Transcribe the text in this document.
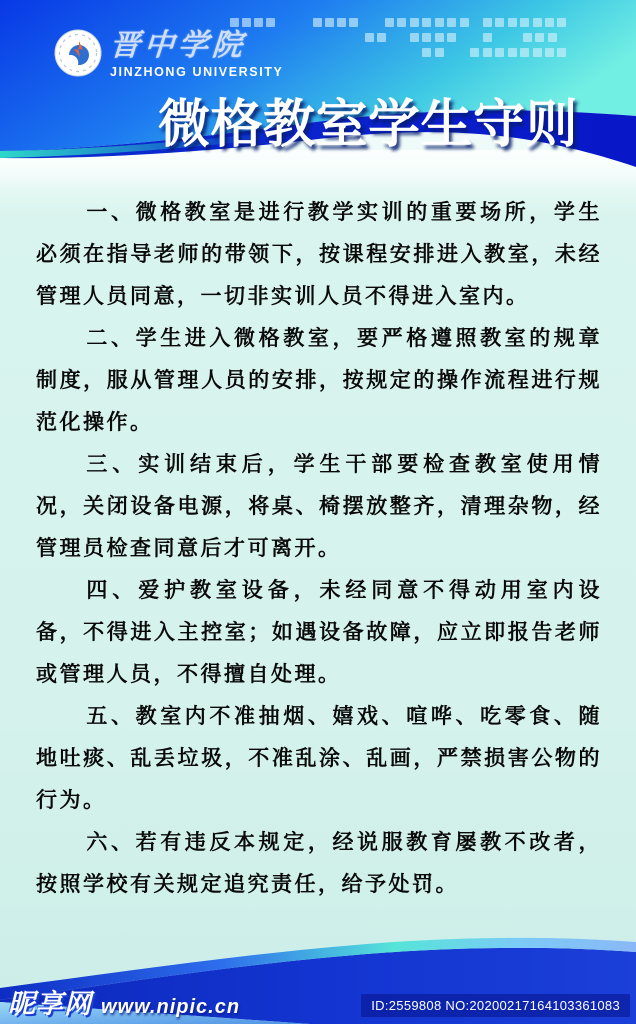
晋中学院
JINZHONG UNIVERSITY
微格教室学生守则

一、微格教室是进行教学实训的重要场所，学生必须在指导老师的带领下，按课程安排进入教室，未经管理人员同意，一切非实训人员不得进入室内。

二、学生进入微格教室，要严格遵照教室的规章制度，服从管理人员的安排，按规定的操作流程进行规范化操作。

三、实训结束后，学生干部要检查教室使用情况，关闭设备电源，将桌、椅摆放整齐，清理杂物，经管理员检查同意后才可离开。

四、爱护教室设备，未经同意不得动用室内设备，不得进入主控室；如遇设备故障，应立即报告老师或管理人员，不得擅自处理。

五、教室内不准抽烟、嬉戏、喧哗、吃零食、随地吐痰、乱丢垃圾，不准乱涂、乱画，严禁损害公物的行为。

六、若有违反本规定，经说服教育屡教不改者，按照学校有关规定追究责任，给予处罚。

昵享网 www.nipic.cn	ID:2559808 NO:20200217164103361083
